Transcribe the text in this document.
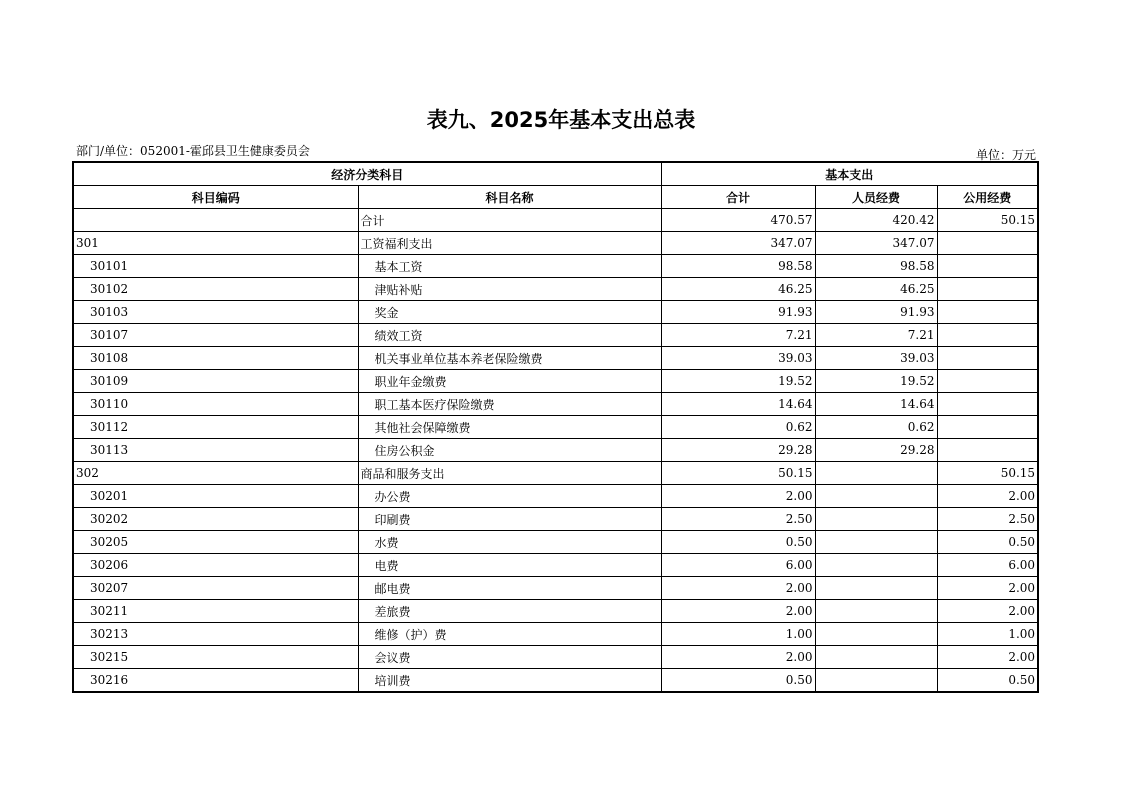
表九、2025年基本支出总表
部门/单位：052001-霍邱县卫生健康委员会	单位：万元
经济分类科目		基本支出		
科目编码	科目名称	合计	人员经费	公用经费
	合计	470.57	420.42	50.15
301	工资福利支出	347.07	347.07	
30101	基本工资	98.58	98.58	
30102	津贴补贴	46.25	46.25	
30103	奖金	91.93	91.93	
30107	绩效工资	7.21	7.21	
30108	机关事业单位基本养老保险缴费	39.03	39.03	
30109	职业年金缴费	19.52	19.52	
30110	职工基本医疗保险缴费	14.64	14.64	
30112	其他社会保障缴费	0.62	0.62	
30113	住房公积金	29.28	29.28	
302	商品和服务支出	50.15		50.15
30201	办公费	2.00		2.00
30202	印刷费	2.50		2.50
30205	水费	0.50		0.50
30206	电费	6.00		6.00
30207	邮电费	2.00		2.00
30211	差旅费	2.00		2.00
30213	维修（护）费	1.00		1.00
30215	会议费	2.00		2.00
30216	培训费	0.50		0.50
